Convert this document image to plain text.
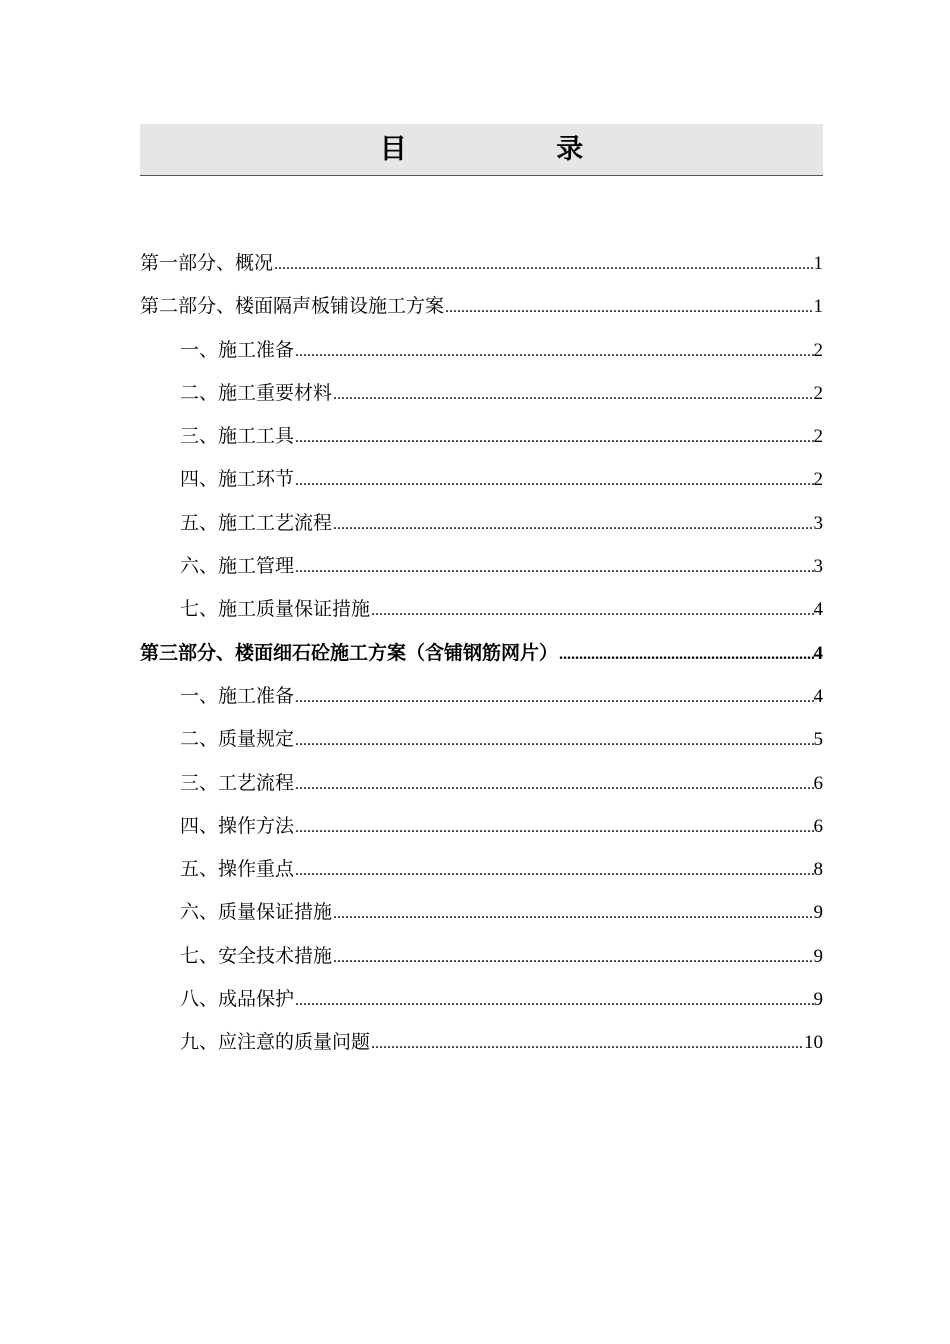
目 录
第一部分、概况 .....	1
第二部分、楼面隔声板铺设施工方案 .....	1
一、施工准备 .....	2
二、施工重要材料 .....	2
三、施工工具 .....	2
四、施工环节 .....	2
五、施工工艺流程 .....	3
六、施工管理 .....	3
七、施工质量保证措施 .....	4
第三部分、楼面细石砼施工方案（含铺钢筋网片） .....	4
一、施工准备 .....	4
二、质量规定 .....	5
三、工艺流程 .....	6
四、操作方法 .....	6
五、操作重点 .....	8
六、质量保证措施 .....	9
七、安全技术措施 .....	9
八、成品保护 .....	9
九、应注意的质量问题 .....	10
